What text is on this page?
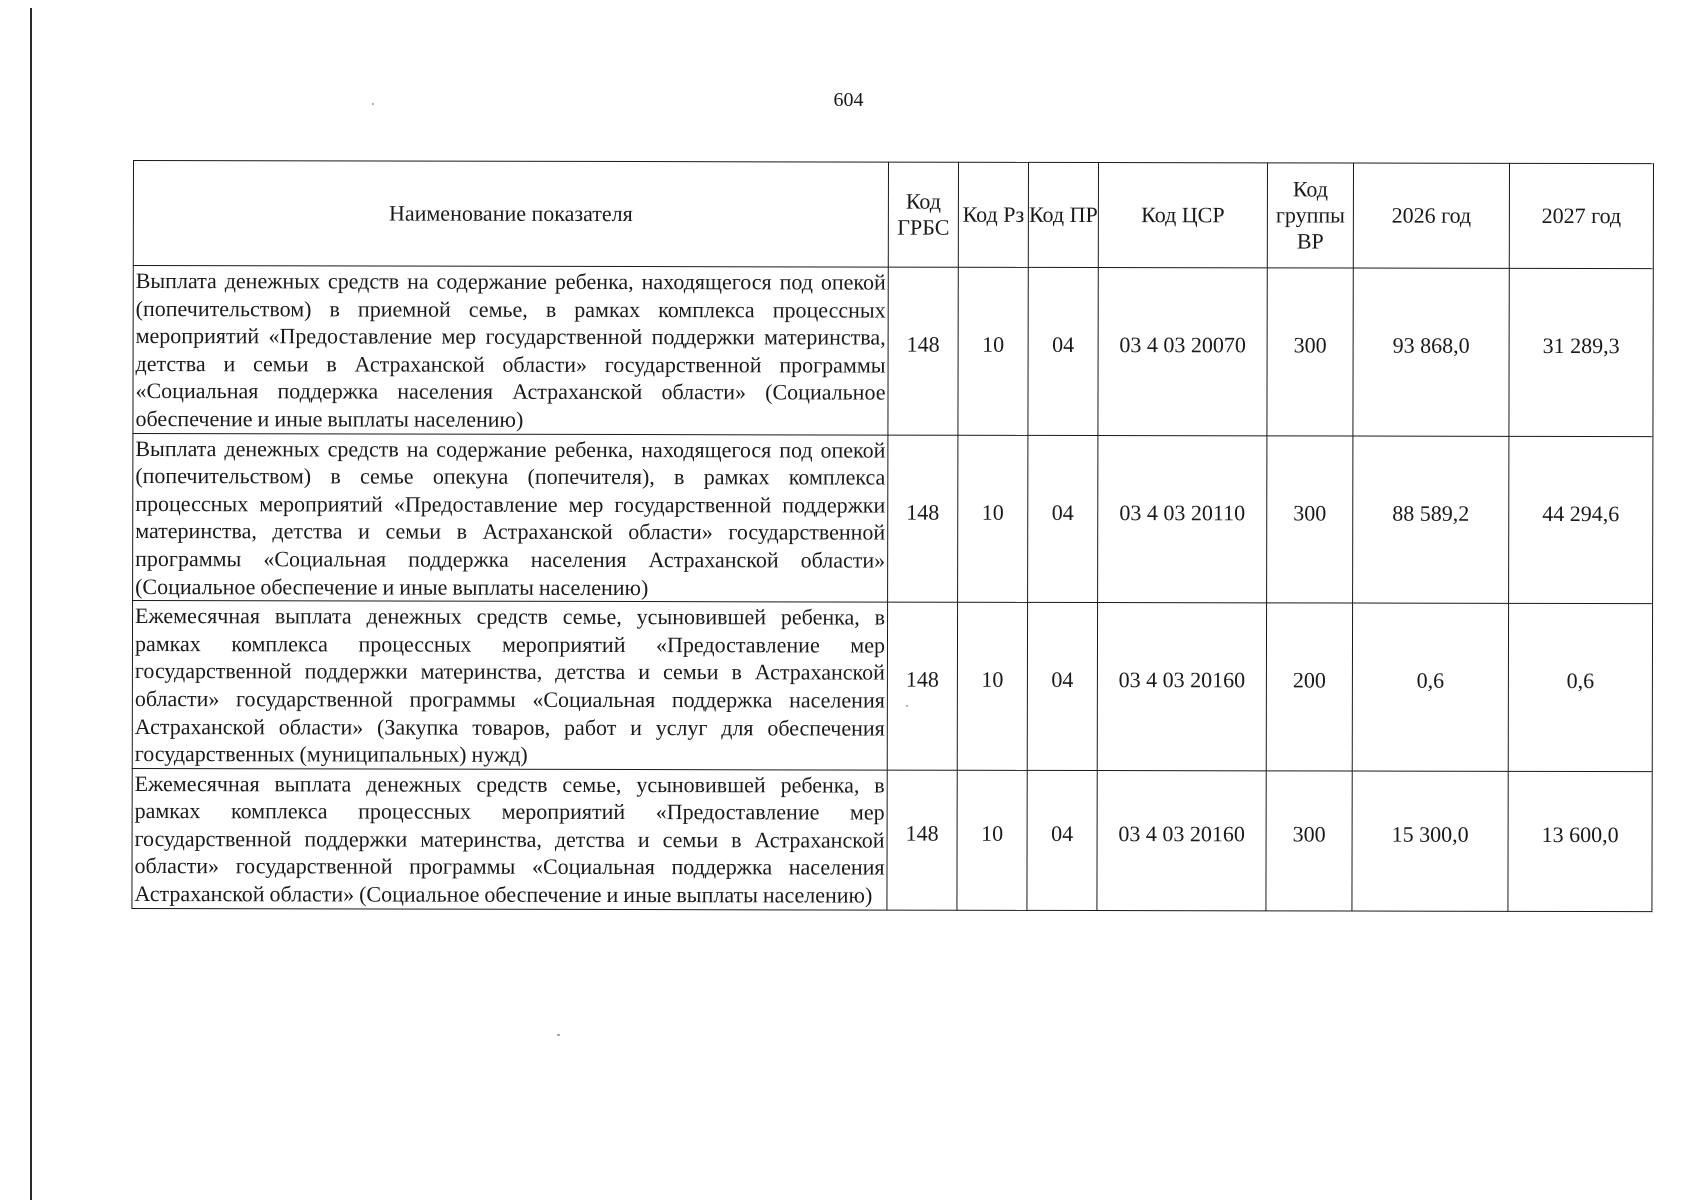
604
Наименование показателя	Код ГРБС	Код Рз	Код ПР	Код ЦСР	Код группы ВР	2026 год	2027 год
Выплата денежных средств на содержание ребенка, находящегося под опекой (попечительством) в приемной семье, в рамках комплекса процессных мероприятий «Предоставление мер государственной поддержки материнства, детства и семьи в Астраханской области» государственной программы «Социальная поддержка населения Астраханской области» (Социальное обеспечение и иные выплаты населению)	148	10	04	03 4 03 20070	300	93 868,0	31 289,3
Выплата денежных средств на содержание ребенка, находящегося под опекой (попечительством) в семье опекуна (попечителя), в рамках комплекса процессных мероприятий «Предоставление мер государственной поддержки материнства, детства и семьи в Астраханской области» государственной программы «Социальная поддержка населения Астраханской области» (Социальное обеспечение и иные выплаты населению)	148	10	04	03 4 03 20110	300	88 589,2	44 294,6
Ежемесячная выплата денежных средств семье, усыновившей ребенка, в рамках комплекса процессных мероприятий «Предоставление мер государственной поддержки материнства, детства и семьи в Астраханской области» государственной программы «Социальная поддержка населения Астраханской области» (Закупка товаров, работ и услуг для обеспечения государственных (муниципальных) нужд)	148	10	04	03 4 03 20160	200	0,6	0,6
Ежемесячная выплата денежных средств семье, усыновившей ребенка, в рамках комплекса процессных мероприятий «Предоставление мер государственной поддержки материнства, детства и семьи в Астраханской области» государственной программы «Социальная поддержка населения Астраханской области» (Социальное обеспечение и иные выплаты населению)	148	10	04	03 4 03 20160	300	15 300,0	13 600,0
